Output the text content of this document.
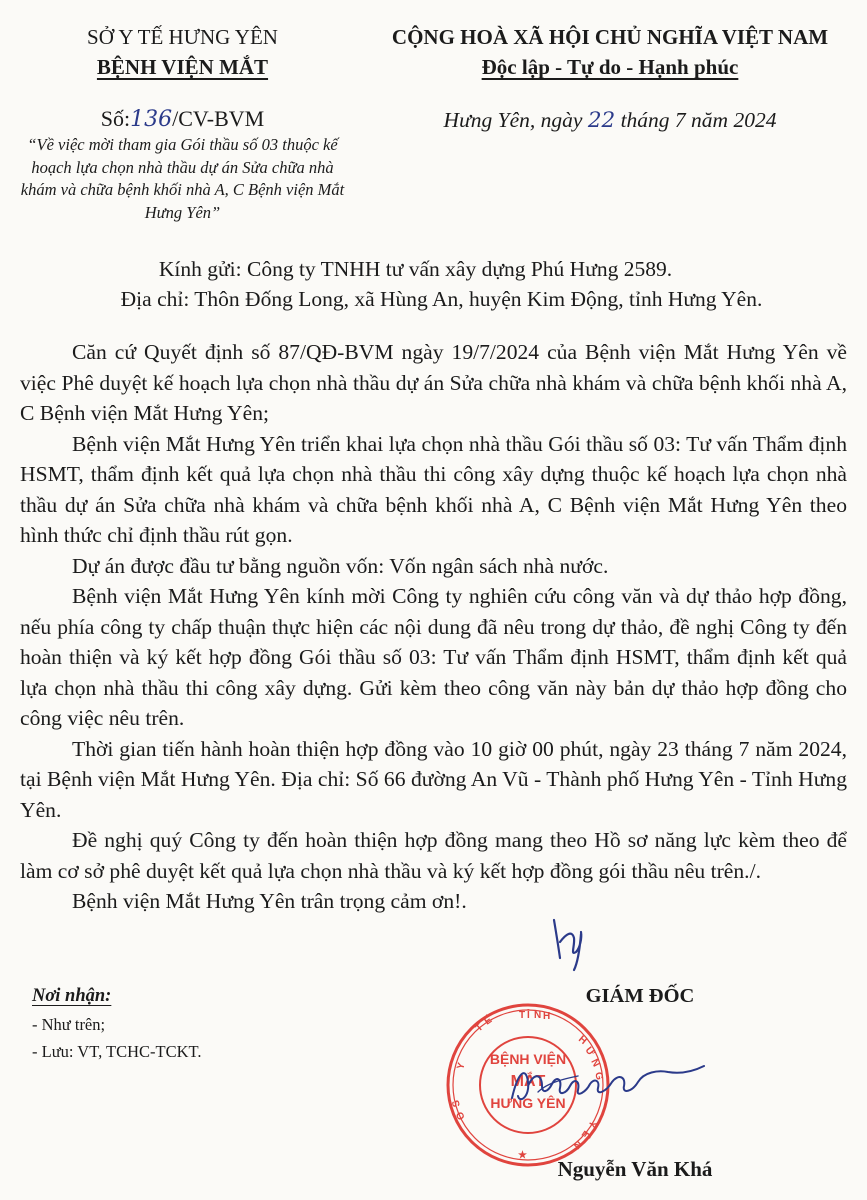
SỞ Y TẾ HƯNG YÊN
BỆNH VIỆN MẮT
CỘNG HOÀ XÃ HỘI CHỦ NGHĨA VIỆT NAM
Độc lập - Tự do - Hạnh phúc
Số:136/CV-BVM
“Về việc mời tham gia Gói thầu số 03 thuộc kế hoạch lựa chọn nhà thầu dự án Sửa chữa nhà khám và chữa bệnh khối nhà A, C Bệnh viện Mắt Hưng Yên”
Hưng Yên, ngày 22 tháng 7 năm 2024
Kính gửi: Công ty TNHH tư vấn xây dựng Phú Hưng 2589.
Địa chỉ: Thôn Đống Long, xã Hùng An, huyện Kim Động, tỉnh Hưng Yên.

Căn cứ Quyết định số 87/QĐ-BVM ngày 19/7/2024 của Bệnh viện Mắt Hưng Yên về việc Phê duyệt kế hoạch lựa chọn nhà thầu dự án Sửa chữa nhà khám và chữa bệnh khối nhà A, C Bệnh viện Mắt Hưng Yên;

Bệnh viện Mắt Hưng Yên triển khai lựa chọn nhà thầu Gói thầu số 03: Tư vấn Thẩm định HSMT, thẩm định kết quả lựa chọn nhà thầu thi công xây dựng thuộc kế hoạch lựa chọn nhà thầu dự án Sửa chữa nhà khám và chữa bệnh khối nhà A, C Bệnh viện Mắt Hưng Yên theo hình thức chỉ định thầu rút gọn.

Dự án được đầu tư bằng nguồn vốn: Vốn ngân sách nhà nước.

Bệnh viện Mắt Hưng Yên kính mời Công ty nghiên cứu công văn và dự thảo hợp đồng, nếu phía công ty chấp thuận thực hiện các nội dung đã nêu trong dự thảo, đề nghị Công ty đến hoàn thiện và ký kết hợp đồng Gói thầu số 03: Tư vấn Thẩm định HSMT, thẩm định kết quả lựa chọn nhà thầu thi công xây dựng. Gửi kèm theo công văn này bản dự thảo hợp đồng cho công việc nêu trên.

Thời gian tiến hành hoàn thiện hợp đồng vào 10 giờ 00 phút, ngày 23 tháng 7 năm 2024, tại Bệnh viện Mắt Hưng Yên. Địa chỉ: Số 66 đường An Vũ - Thành phố Hưng Yên - Tỉnh Hưng Yên.

Đề nghị quý Công ty đến hoàn thiện hợp đồng mang theo Hồ sơ năng lực kèm theo để làm cơ sở phê duyệt kết quả lựa chọn nhà thầu và ký kết hợp đồng gói thầu nêu trên./.

Bệnh viện Mắt Hưng Yên trân trọng cảm ơn!.

Nơi nhận:
- Như trên;
- Lưu: VT, TCHC-TCKT.
GIÁM ĐỐC
BỆNH VIỆN
MẮT
HƯNG YÊN
T
Ế T Ỉ N H
H
Ư
N
G
Y
Ê
N
O
S
Y
★
Nguyễn Văn Khá
